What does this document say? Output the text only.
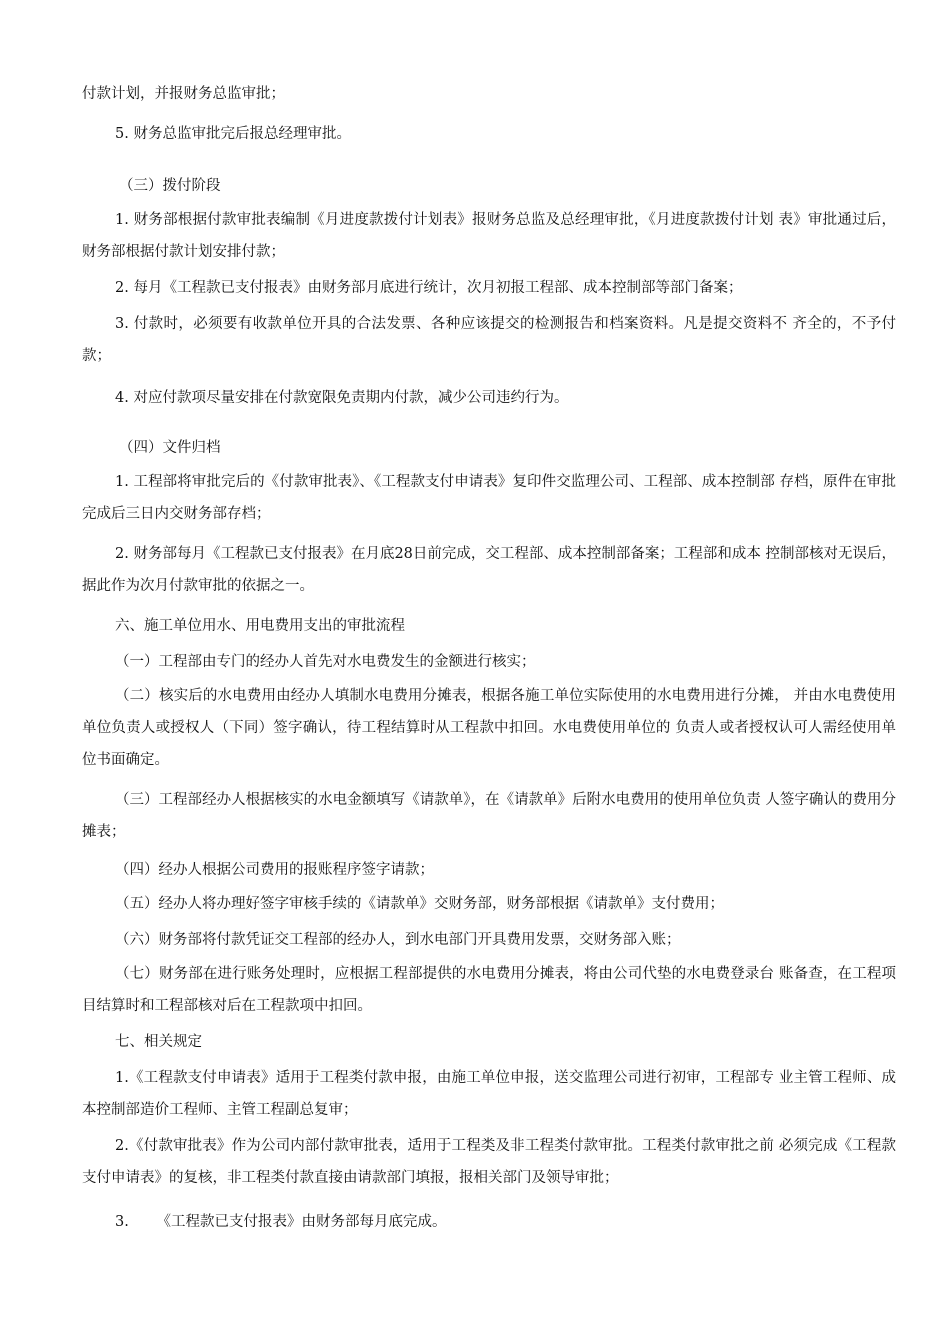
付款计划，并报财务总监审批；
5. 财务总监审批完后报总经理审批。
（三）拨付阶段
1. 财务部根据付款审批表编制《月进度款拨付计划表》报财务总监及总经理审批，《月进度款拨付计划 表》审批通过后，财务部根据付款计划安排付款；
2. 每月《工程款已支付报表》由财务部月底进行统计，次月初报工程部、成本控制部等部门备案；
3. 付款时，必须要有收款单位开具的合法发票、各种应该提交的检测报告和档案资料。凡是提交资料不 齐全的，不予付款；
4. 对应付款项尽量安排在付款宽限免责期内付款，减少公司违约行为。
（四）文件归档
1. 工程部将审批完后的《付款审批表》、《工程款支付申请表》复印件交监理公司、工程部、成本控制部 存档，原件在审批完成后三日内交财务部存档；
2. 财务部每月《工程款已支付报表》在月底28日前完成，交工程部、成本控制部备案；工程部和成本 控制部核对无误后，据此作为次月付款审批的依据之一。
六、施工单位用水、用电费用支出的审批流程
（一）工程部由专门的经办人首先对水电费发生的金额进行核实；
（二）核实后的水电费用由经办人填制水电费用分摊表，根据各施工单位实际使用的水电费用进行分摊， 并由水电费使用单位负责人或授权人（下同）签字确认，待工程结算时从工程款中扣回。水电费使用单位的 负责人或者授权认可人需经使用单位书面确定。
（三）工程部经办人根据核实的水电金额填写《请款单》，在《请款单》后附水电费用的使用单位负责 人签字确认的费用分摊表；
（四）经办人根据公司费用的报账程序签字请款；
（五）经办人将办理好签字审核手续的《请款单》交财务部，财务部根据《请款单》支付费用；
（六）财务部将付款凭证交工程部的经办人，到水电部门开具费用发票，交财务部入账；
（七）财务部在进行账务处理时，应根据工程部提供的水电费用分摊表，将由公司代垫的水电费登录台 账备查，在工程项目结算时和工程部核对后在工程款项中扣回。
七、相关规定
1.《工程款支付申请表》适用于工程类付款申报，由施工单位申报，送交监理公司进行初审，工程部专 业主管工程师、成本控制部造价工程师、主管工程副总复审；
2.《付款审批表》作为公司内部付款审批表，适用于工程类及非工程类付款审批。工程类付款审批之前 必须完成《工程款支付申请表》的复核，非工程类付款直接由请款部门填报，报相关部门及领导审批；
3.      《工程款已支付报表》由财务部每月底完成。
